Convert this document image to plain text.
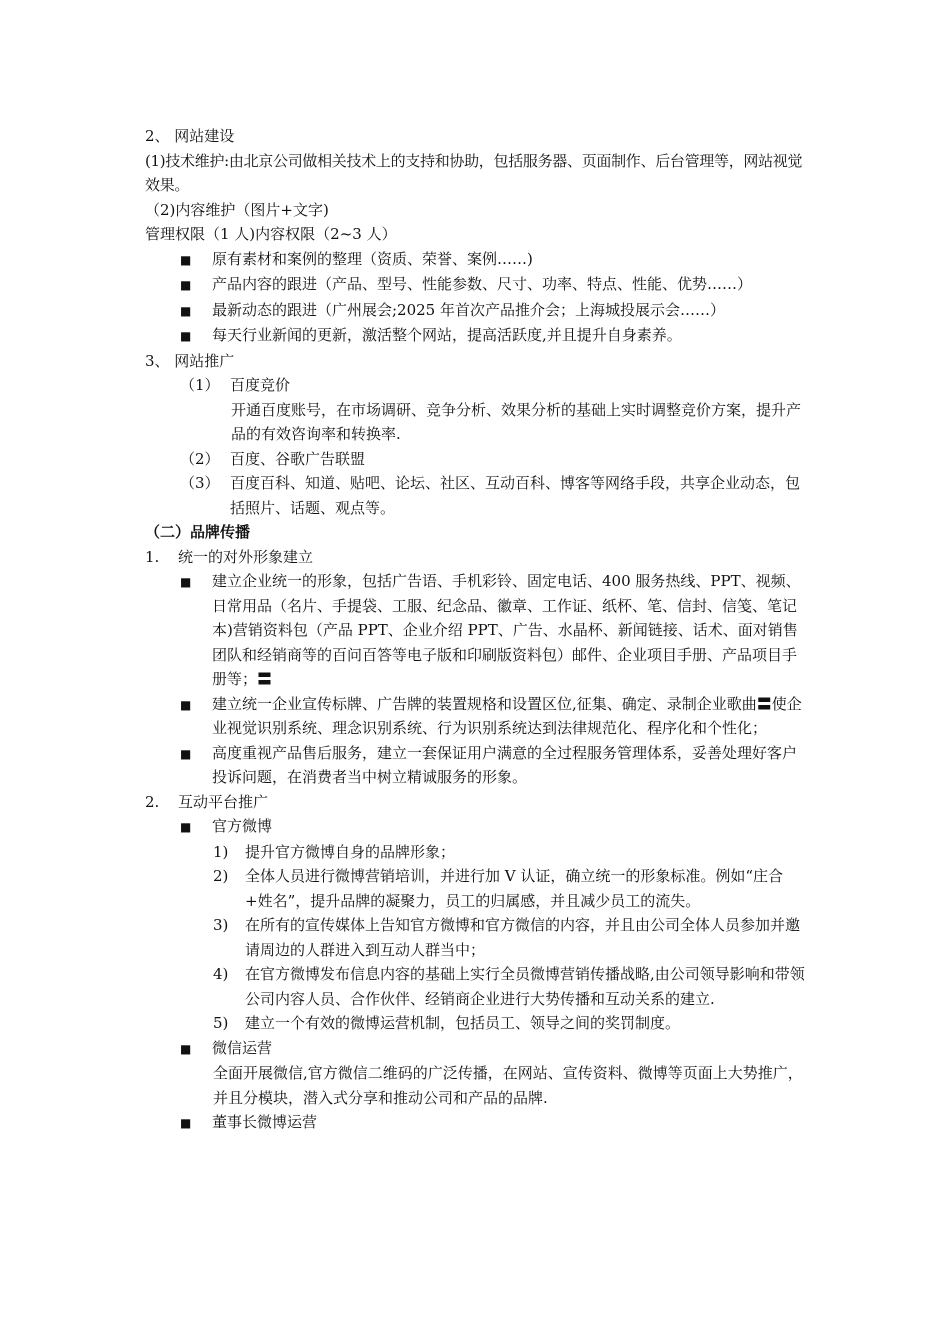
2、 网站建设
(1)技术维护:由北京公司做相关技术上的支持和协助，包括服务器、页面制作、后台管理等，网站视觉效果。
（2)内容维护（图片+文字)
管理权限（1 人)内容权限（2~3 人）
■
原有素材和案例的整理（资质、荣誉、案例……)
■
产品内容的跟进（产品、型号、性能参数、尺寸、功率、特点、性能、优势……）
■
最新动态的跟进（广州展会;2025 年首次产品推介会；上海城投展示会……）
■
每天行业新闻的更新，激活整个网站，提高活跃度,并且提升自身素养。
3、 网站推广
（1） 百度竞价
开通百度账号，在市场调研、竞争分析、效果分析的基础上实时调整竞价方案，提升产品的有效咨询率和转换率.
（2） 百度、谷歌广告联盟
（3） 百度百科、知道、贴吧、论坛、社区、互动百科、博客等网络手段，共享企业动态，包括照片、话题、观点等。
（二）品牌传播
1.	统一的对外形象建立
■
建立企业统一的形象，包括广告语、手机彩铃、固定电话、400 服务热线、PPT、视频、日常用品（名片、手提袋、工服、纪念品、徽章、工作证、纸杯、笔、信封、信笺、笔记本)营销资料包（产品 PPT、企业介绍 PPT、广告、水晶杯、新闻链接、话术、面对销售团队和经销商等的百问百答等电子版和印刷版资料包）邮件、企业项目手册、产品项目手册等；〓
■
建立统一企业宣传标牌、广告牌的装置规格和设置区位,征集、确定、录制企业歌曲〓使企业视觉识别系统、理念识别系统、行为识别系统达到法律规范化、程序化和个性化；
■
高度重视产品售后服务，建立一套保证用户满意的全过程服务管理体系，妥善处理好客户投诉问题，在消费者当中树立精诚服务的形象。
2.	互动平台推广
■
官方微博
1)	提升官方微博自身的品牌形象；
2)	全体人员进行微博营销培训，并进行加 V 认证，确立统一的形象标准。例如“庄合+姓名”，提升品牌的凝聚力，员工的归属感，并且减少员工的流失。
3)	在所有的宣传媒体上告知官方微博和官方微信的内容，并且由公司全体人员参加并邀请周边的人群进入到互动人群当中；
4)	在官方微博发布信息内容的基础上实行全员微博营销传播战略,由公司领导影响和带领公司内容人员、合作伙伴、经销商企业进行大势传播和互动关系的建立.
5)	建立一个有效的微博运营机制，包括员工、领导之间的奖罚制度。
■
微信运营
全面开展微信,官方微信二维码的广泛传播，在网站、宣传资料、微博等页面上大势推广，并且分模块，潜入式分享和推动公司和产品的品牌.
■
董事长微博运营
